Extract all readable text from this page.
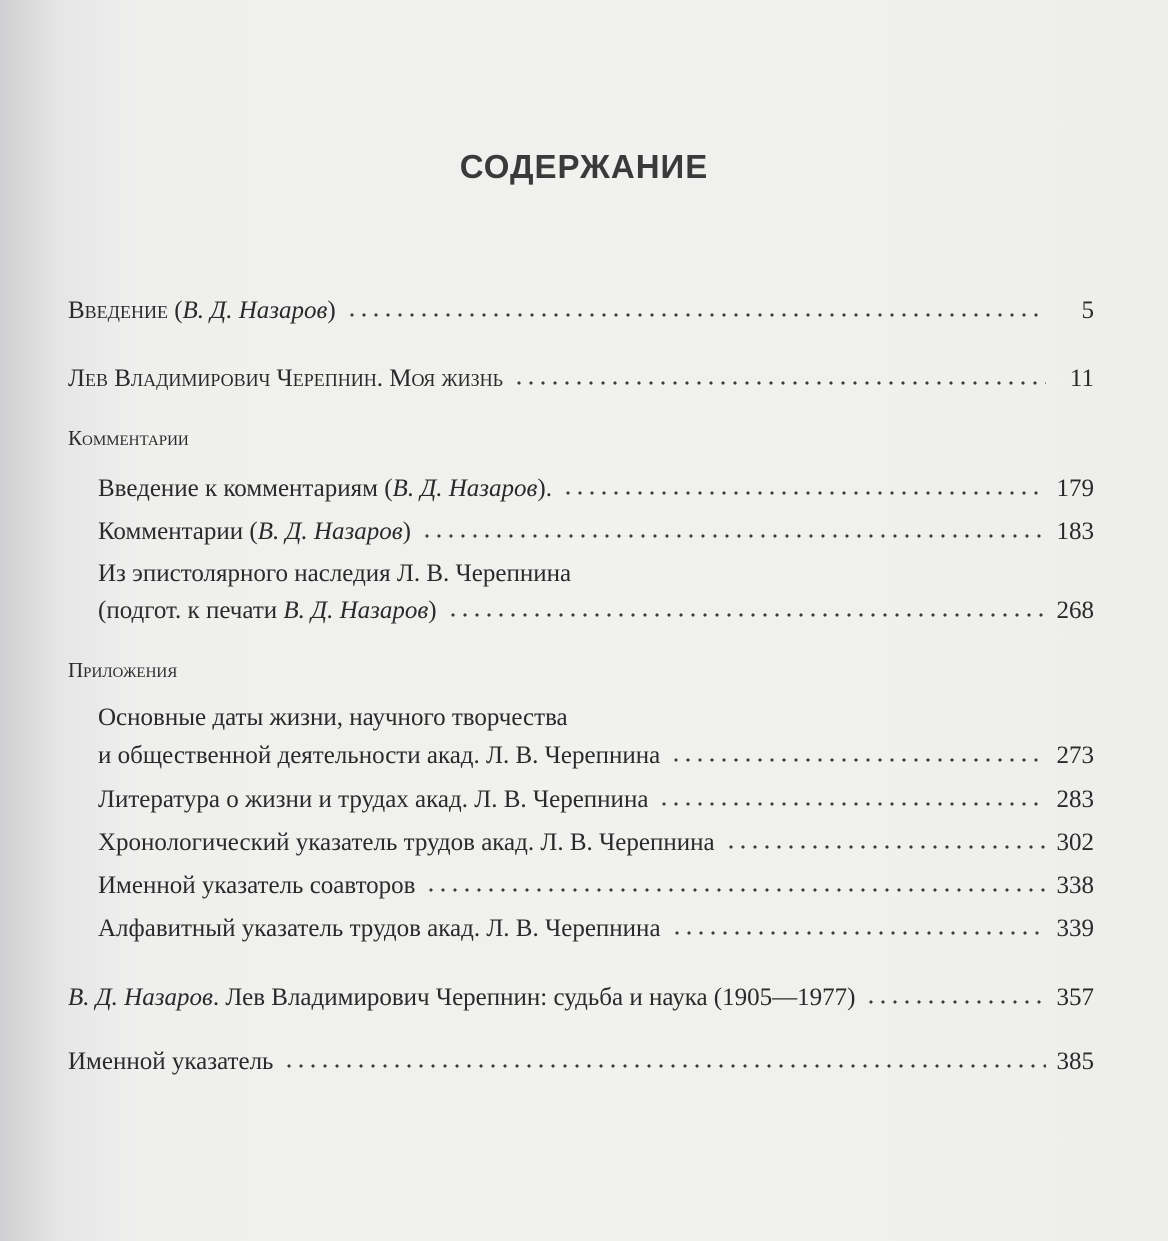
СОДЕРЖАНИЕ
Введение (В. Д. Назаров)	5
Лев Владимирович Черепнин. Моя жизнь	11
Комментарии
Введение к комментариям (В. Д. Назаров).	179
Комментарии (В. Д. Назаров)	183
Из эпистолярного наследия Л. В. Черепнина
(подгот. к печати В. Д. Назаров)	268
Приложения
Основные даты жизни, научного творчества
и общественной деятельности акад. Л. В. Черепнина	273
Литература о жизни и трудах акад. Л. В. Черепнина	283
Хронологический указатель трудов акад. Л. В. Черепнина	302
Именной указатель соавторов	338
Алфавитный указатель трудов акад. Л. В. Черепнина	339
В. Д. Назаров. Лев Владимирович Черепнин: судьба и наука (1905—1977)	357
Именной указатель	385
